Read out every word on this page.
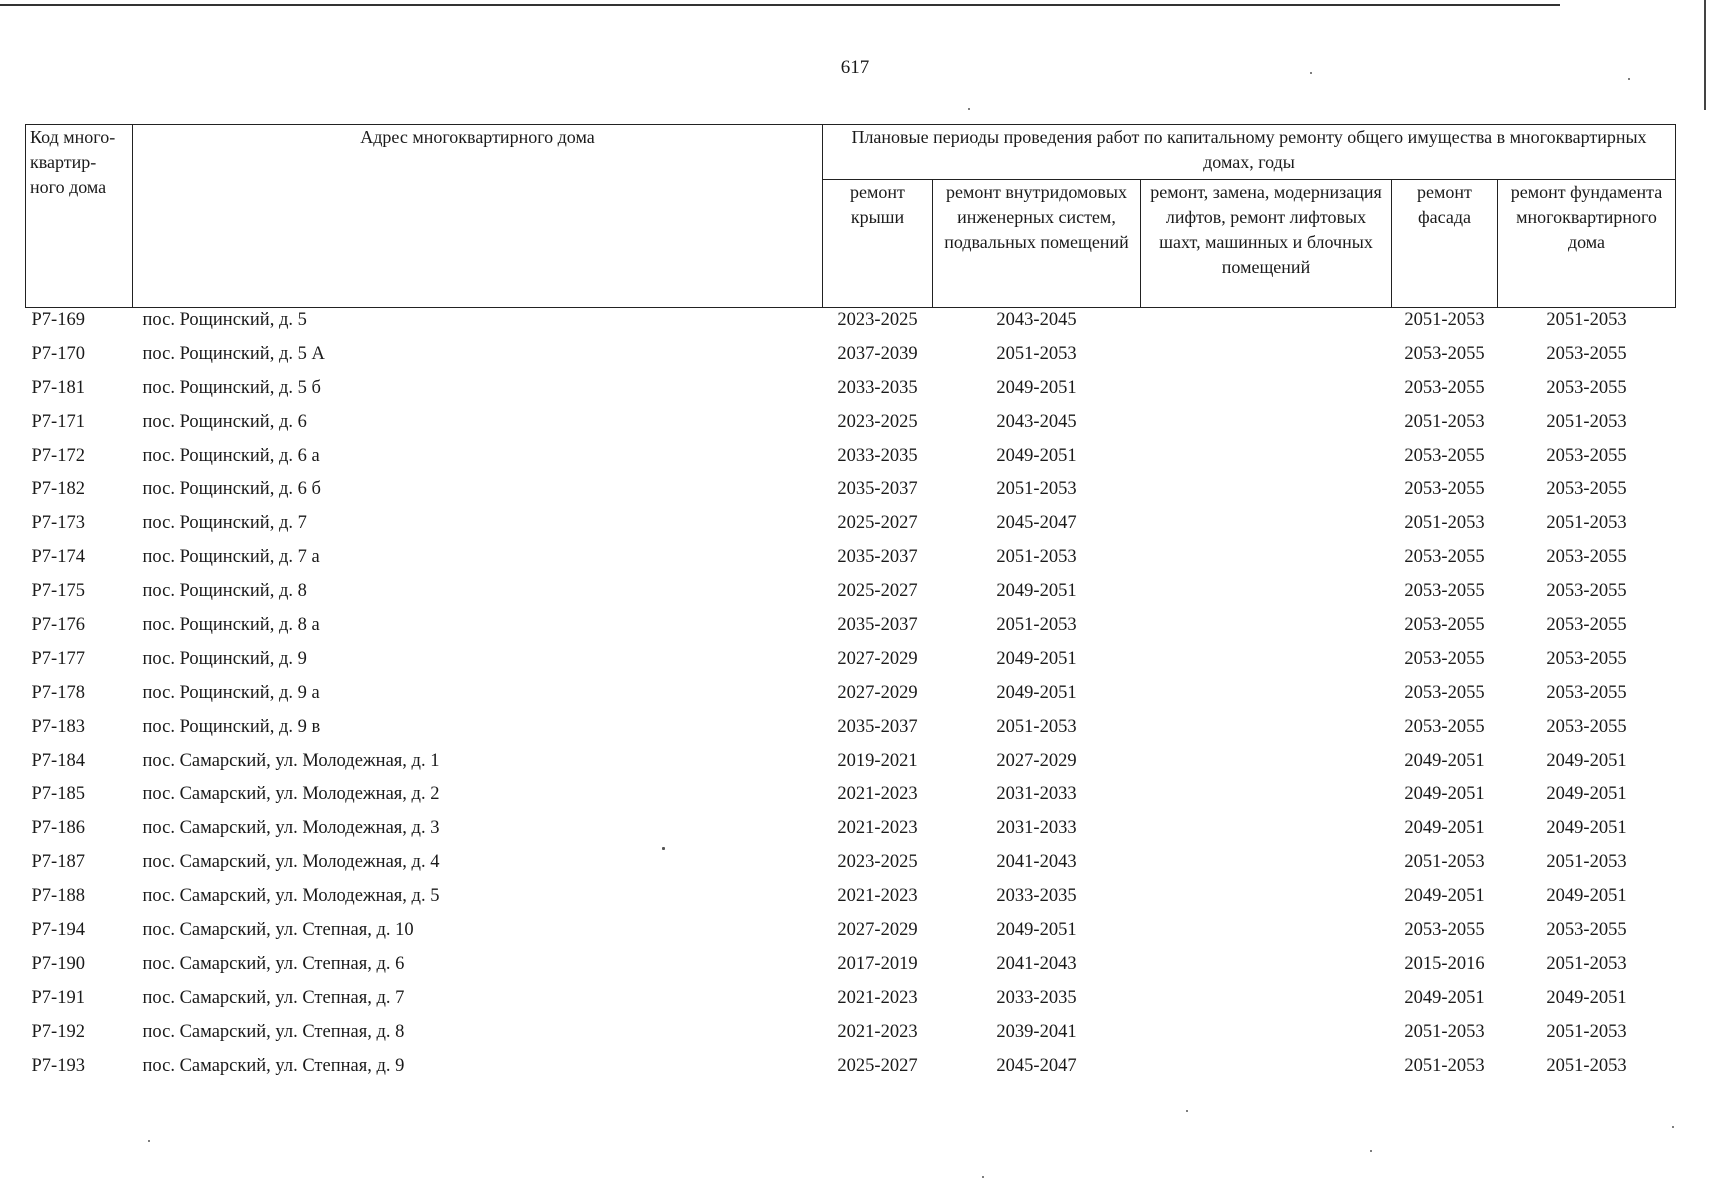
617
Код много-квартир-ного дома	Адрес многоквартирного дома	Плановые периоды проведения работ по капитальному ремонту общего имущества в многоквартирных домах, годы				
		ремонт крыши	ремонт внутридомовых инженерных систем, подвальных помещений	ремонт, замена, модернизация лифтов, ремонт лифтовых шахт, машинных и блочных помещений	ремонт фасада	ремонт фундамента многоквартирного дома
Р7-169	пос. Рощинский, д. 5	2023-2025	2043-2045		2051-2053	2051-2053
Р7-170	пос. Рощинский, д. 5 А	2037-2039	2051-2053		2053-2055	2053-2055
Р7-181	пос. Рощинский, д. 5 б	2033-2035	2049-2051		2053-2055	2053-2055
Р7-171	пос. Рощинский, д. 6	2023-2025	2043-2045		2051-2053	2051-2053
Р7-172	пос. Рощинский, д. 6 а	2033-2035	2049-2051		2053-2055	2053-2055
Р7-182	пос. Рощинский, д. 6 б	2035-2037	2051-2053		2053-2055	2053-2055
Р7-173	пос. Рощинский, д. 7	2025-2027	2045-2047		2051-2053	2051-2053
Р7-174	пос. Рощинский, д. 7 а	2035-2037	2051-2053		2053-2055	2053-2055
Р7-175	пос. Рощинский, д. 8	2025-2027	2049-2051		2053-2055	2053-2055
Р7-176	пос. Рощинский, д. 8 а	2035-2037	2051-2053		2053-2055	2053-2055
Р7-177	пос. Рощинский, д. 9	2027-2029	2049-2051		2053-2055	2053-2055
Р7-178	пос. Рощинский, д. 9 а	2027-2029	2049-2051		2053-2055	2053-2055
Р7-183	пос. Рощинский, д. 9 в	2035-2037	2051-2053		2053-2055	2053-2055
Р7-184	пос. Самарский, ул. Молодежная, д. 1	2019-2021	2027-2029		2049-2051	2049-2051
Р7-185	пос. Самарский, ул. Молодежная, д. 2	2021-2023	2031-2033		2049-2051	2049-2051
Р7-186	пос. Самарский, ул. Молодежная, д. 3	2021-2023	2031-2033		2049-2051	2049-2051
Р7-187	пос. Самарский, ул. Молодежная, д. 4	2023-2025	2041-2043		2051-2053	2051-2053
Р7-188	пос. Самарский, ул. Молодежная, д. 5	2021-2023	2033-2035		2049-2051	2049-2051
Р7-194	пос. Самарский, ул. Степная, д. 10	2027-2029	2049-2051		2053-2055	2053-2055
Р7-190	пос. Самарский, ул. Степная, д. 6	2017-2019	2041-2043		2015-2016	2051-2053
Р7-191	пос. Самарский, ул. Степная, д. 7	2021-2023	2033-2035		2049-2051	2049-2051
Р7-192	пос. Самарский, ул. Степная, д. 8	2021-2023	2039-2041		2051-2053	2051-2053
Р7-193	пос. Самарский, ул. Степная, д. 9	2025-2027	2045-2047		2051-2053	2051-2053
